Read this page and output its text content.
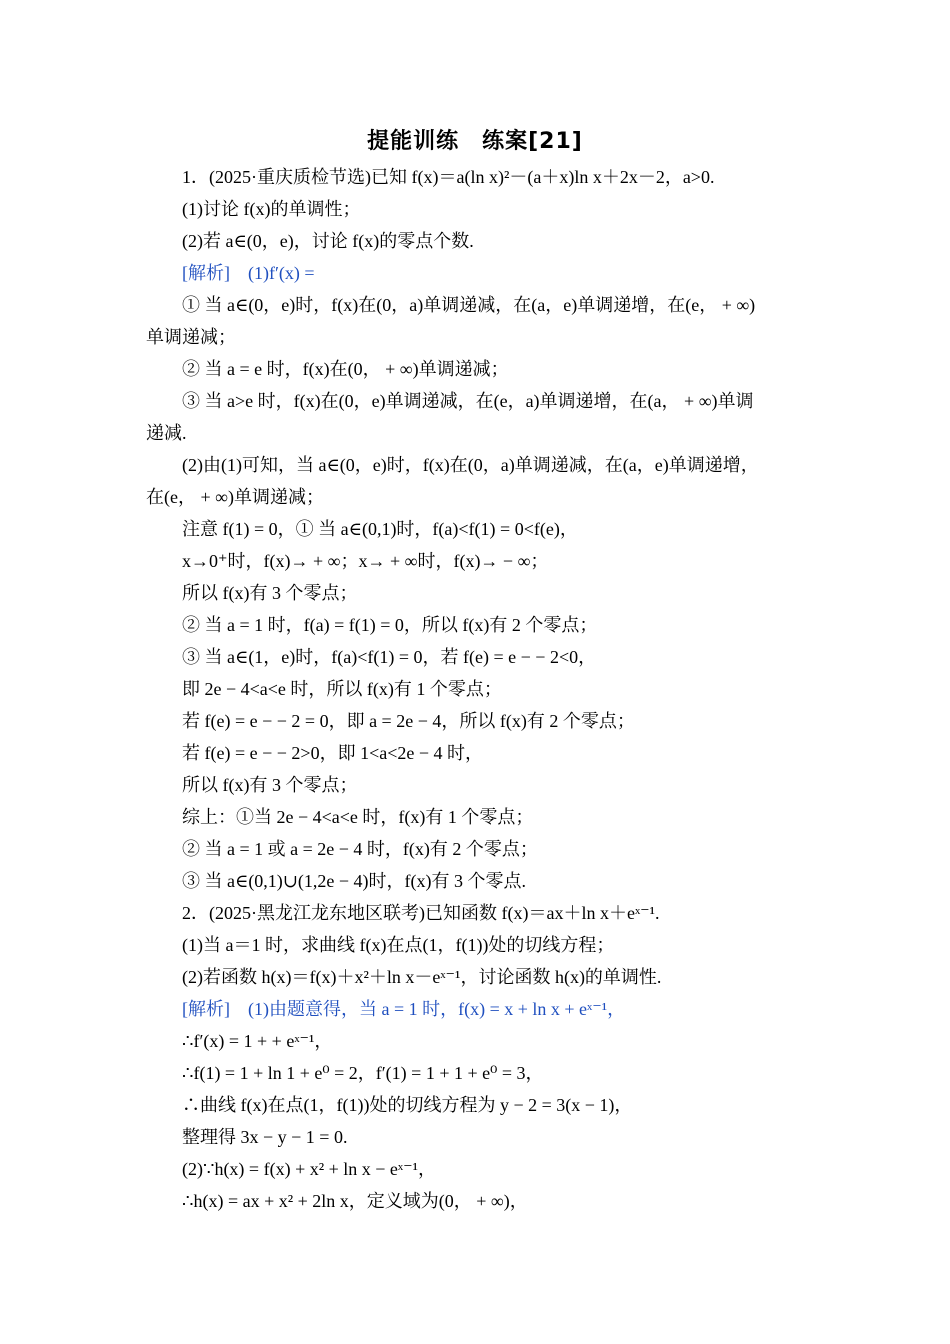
提能训练　练案[21]
1．(2025·重庆质检节选)已知 f(x)＝a(ln x)²－(a＋x)ln x＋2x－2，a>0.
(1)讨论 f(x)的单调性；
(2)若 a∈(0，e)，讨论 f(x)的零点个数.
[解析]　(1)f′(x) =
① 当 a∈(0，e)时，f(x)在(0，a)单调递减，在(a，e)单调递增，在(e， + ∞)
单调递减；
② 当 a = e 时，f(x)在(0， + ∞)单调递减；
③ 当 a>e 时，f(x)在(0，e)单调递减，在(e，a)单调递增，在(a， + ∞)单调
递减.
(2)由(1)可知，当 a∈(0，e)时，f(x)在(0，a)单调递减，在(a，e)单调递增，
在(e， + ∞)单调递减；
注意 f(1) = 0，① 当 a∈(0,1)时，f(a)<f(1) = 0<f(e)，
x→0⁺时，f(x)→ + ∞；x→ + ∞时，f(x)→ − ∞；
所以 f(x)有 3 个零点；
② 当 a = 1 时，f(a) = f(1) = 0，所以 f(x)有 2 个零点；
③ 当 a∈(1，e)时，f(a)<f(1) = 0，若 f(e) = e − − 2<0，
即 2e − 4<a<e 时，所以 f(x)有 1 个零点；
若 f(e) = e − − 2 = 0，即 a = 2e − 4，所以 f(x)有 2 个零点；
若 f(e) = e − − 2>0，即 1<a<2e − 4 时，
所以 f(x)有 3 个零点；
综上：①当 2e − 4<a<e 时，f(x)有 1 个零点；
② 当 a = 1 或 a = 2e − 4 时，f(x)有 2 个零点；
③ 当 a∈(0,1)∪(1,2e − 4)时，f(x)有 3 个零点.
2．(2025·黑龙江龙东地区联考)已知函数 f(x)＝ax＋ln x＋eˣ⁻¹.
(1)当 a＝1 时，求曲线 f(x)在点(1，f(1))处的切线方程；
(2)若函数 h(x)＝f(x)＋x²＋ln x－eˣ⁻¹，讨论函数 h(x)的单调性.
[解析]　(1)由题意得，当 a = 1 时，f(x) = x + ln x + eˣ⁻¹，
∴f′(x) = 1 + + eˣ⁻¹，
∴f(1) = 1 + ln 1 + e⁰ = 2，f′(1) = 1 + 1 + e⁰ = 3，
∴曲线 f(x)在点(1，f(1))处的切线方程为 y − 2 = 3(x − 1)，
整理得 3x − y − 1 = 0.
(2)∵h(x) = f(x) + x² + ln x − eˣ⁻¹，
∴h(x) = ax + x² + 2ln x，定义域为(0， + ∞)，
